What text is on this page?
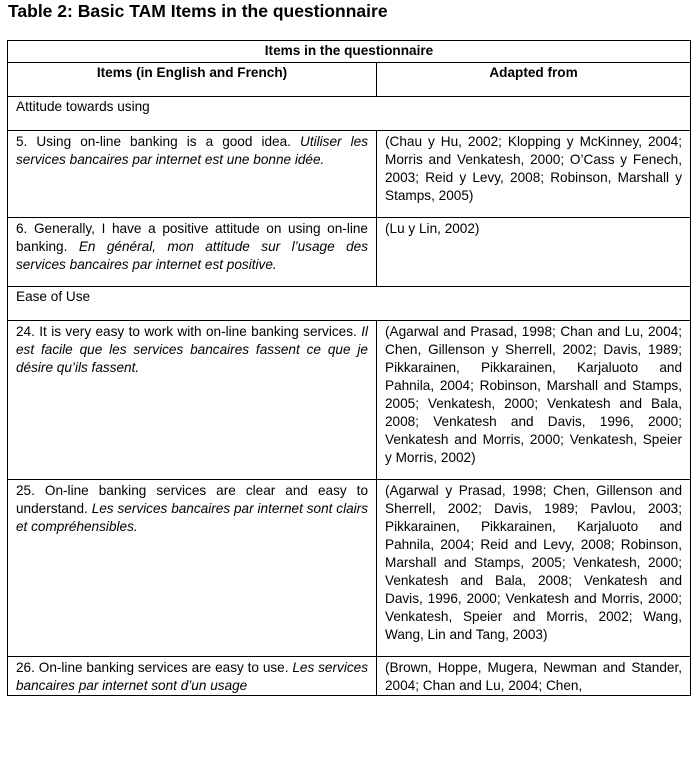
Table 2: Basic TAM Items in the questionnaire
Items in the questionnaire	
Items (in English and French)	Adapted from
Attitude towards using	
5. Using on-line banking is a good idea. Utiliser les services bancaires par internet est une bonne idée.	(Chau y Hu, 2002; Klopping y McKinney, 2004; Morris and Venkatesh, 2000; O’Cass y Fenech, 2003; Reid y Levy, 2008; Robinson, Marshall y Stamps, 2005)
6. Generally, I have a positive attitude on using on-line banking. En général, mon attitude sur l’usage des services bancaires par internet est positive.	(Lu y Lin, 2002)
Ease of Use	
24. It is very easy to work with on-line banking services. Il est facile que les services bancaires fassent ce que je désire qu’ils fassent.	(Agarwal and Prasad, 1998; Chan and Lu, 2004; Chen, Gillenson y Sherrell, 2002; Davis, 1989; Pikkarainen, Pikkarainen, Karjaluoto and Pahnila, 2004; Robinson, Marshall and Stamps, 2005; Venkatesh, 2000; Venkatesh and Bala, 2008; Venkatesh and Davis, 1996, 2000; Venkatesh and Morris, 2000; Venkatesh, Speier y Morris, 2002)
25. On-line banking services are clear and easy to understand. Les services bancaires par internet sont clairs et compréhensibles.	(Agarwal y Prasad, 1998; Chen, Gillenson and Sherrell, 2002; Davis, 1989; Pavlou, 2003; Pikkarainen, Pikkarainen, Karjaluoto and Pahnila, 2004; Reid and Levy, 2008; Robinson, Marshall and Stamps, 2005; Venkatesh, 2000; Venkatesh and Bala, 2008; Venkatesh and Davis, 1996, 2000; Venkatesh and Morris, 2000; Venkatesh, Speier and Morris, 2002; Wang, Wang, Lin and Tang, 2003)
26. On-line banking services are easy to use. Les services bancaires par internet sont d’un usage	(Brown, Hoppe, Mugera, Newman and Stander, 2004; Chan and Lu, 2004; Chen,
